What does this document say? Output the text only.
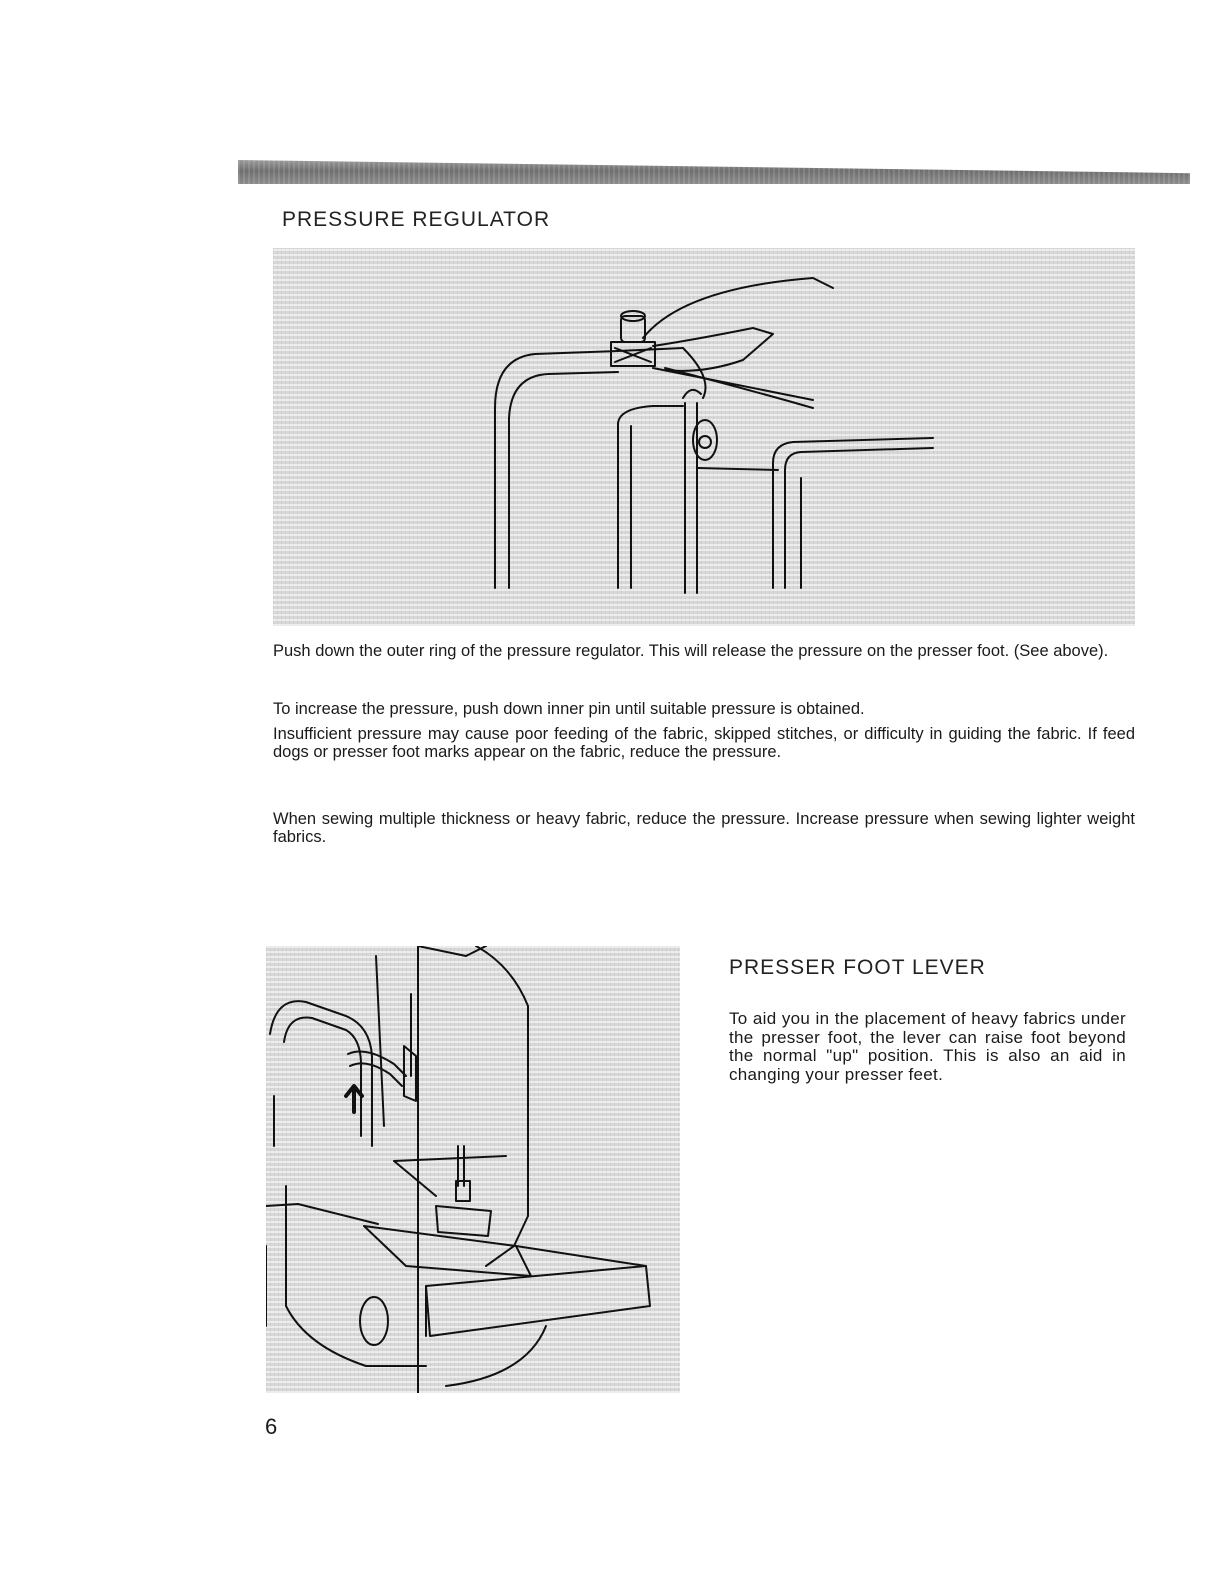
PRESSURE REGULATOR

Push down the outer ring of the pressure regulator. This will release the pressure on the presser foot. (See above).

To increase the pressure, push down inner pin until suitable pressure is obtained.

Insufficient pressure may cause poor feeding of the fabric, skipped stitches, or difficulty in guiding the fabric. If feed dogs or presser foot marks appear on the fabric, reduce the pressure.

When sewing multiple thickness or heavy fabric, reduce the pressure. Increase pressure when sewing lighter weight fabrics.

PRESSER FOOT LEVER

To aid you in the placement of heavy fabrics under the presser foot, the lever can raise foot beyond the normal "up" position. This is also an aid in changing your presser feet.

6
